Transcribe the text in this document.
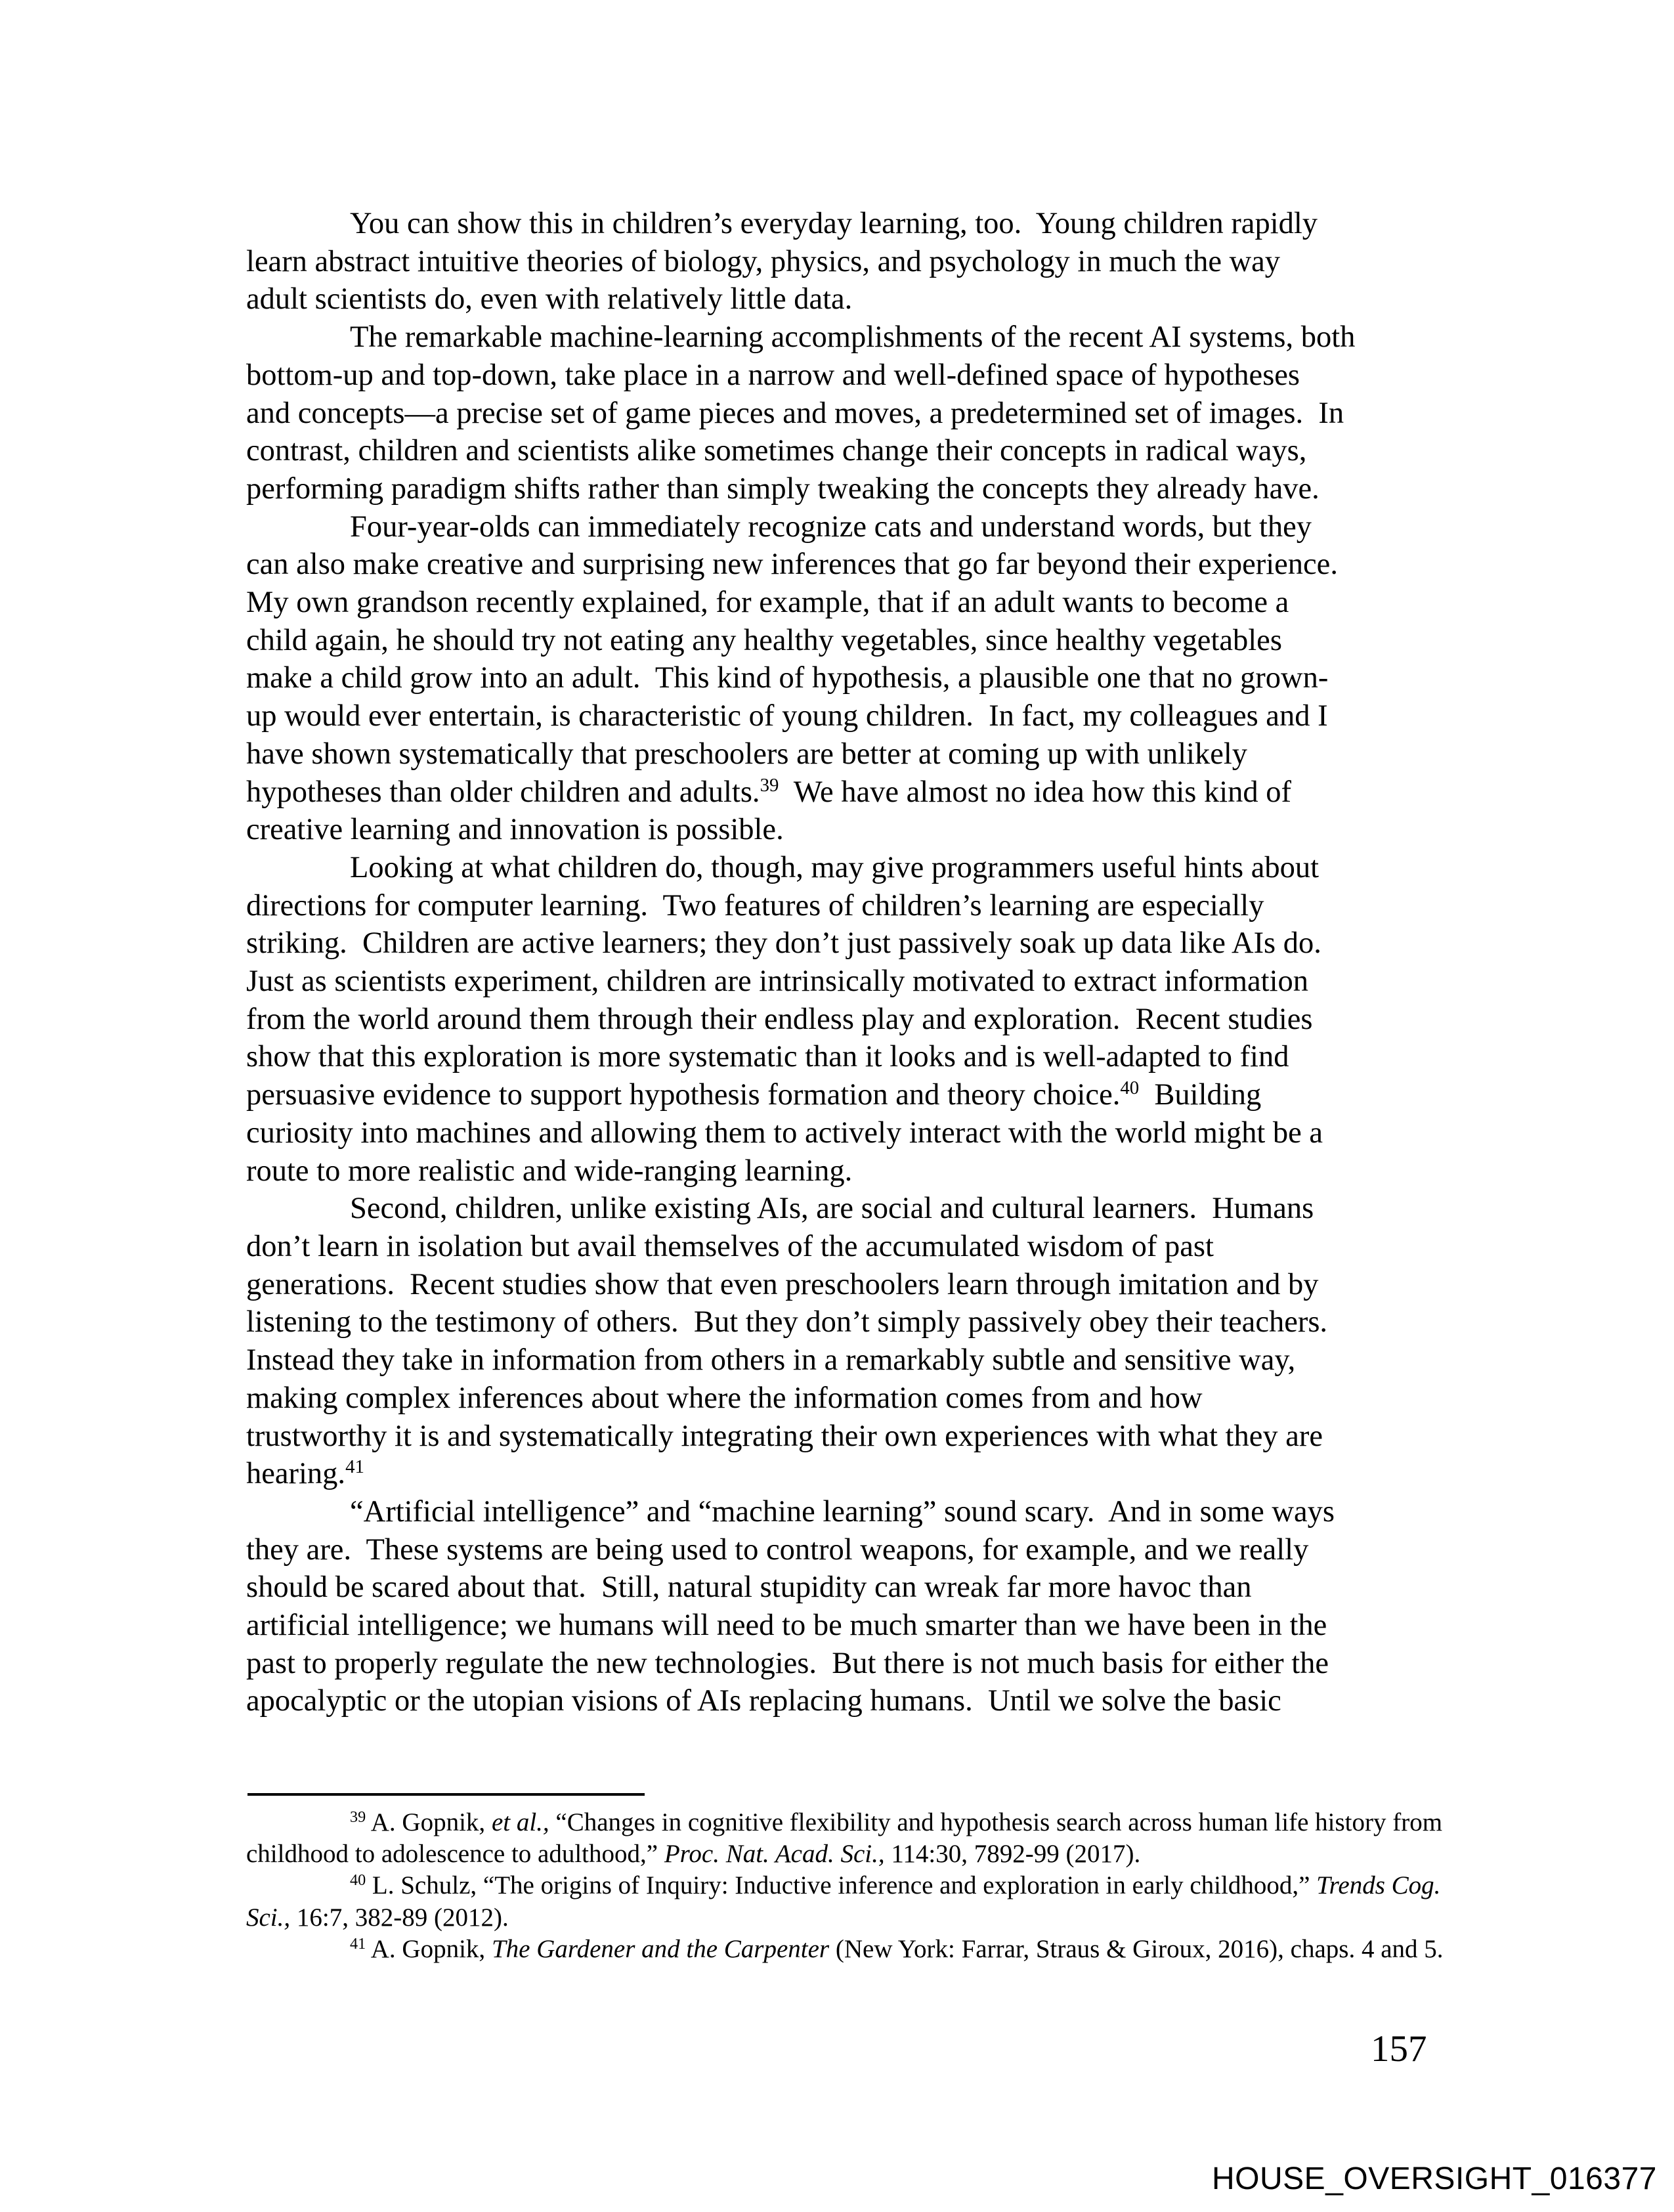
You can show this in children’s everyday learning, too.  Young children rapidly
learn abstract intuitive theories of biology, physics, and psychology in much the way
adult scientists do, even with relatively little data.
The remarkable machine-learning accomplishments of the recent AI systems, both
bottom-up and top-down, take place in a narrow and well-defined space of hypotheses
and concepts—a precise set of game pieces and moves, a predetermined set of images.  In
contrast, children and scientists alike sometimes change their concepts in radical ways,
performing paradigm shifts rather than simply tweaking the concepts they already have.
Four-year-olds can immediately recognize cats and understand words, but they
can also make creative and surprising new inferences that go far beyond their experience.
My own grandson recently explained, for example, that if an adult wants to become a
child again, he should try not eating any healthy vegetables, since healthy vegetables
make a child grow into an adult.  This kind of hypothesis, a plausible one that no grown-
up would ever entertain, is characteristic of young children.  In fact, my colleagues and I
have shown systematically that preschoolers are better at coming up with unlikely
hypotheses than older children and adults.$^{39}$  We have almost no idea how this kind of
creative learning and innovation is possible.
Looking at what children do, though, may give programmers useful hints about
directions for computer learning.  Two features of children’s learning are especially
striking.  Children are active learners; they don’t just passively soak up data like AIs do.
Just as scientists experiment, children are intrinsically motivated to extract information
from the world around them through their endless play and exploration.  Recent studies
show that this exploration is more systematic than it looks and is well-adapted to find
persuasive evidence to support hypothesis formation and theory choice.$^{40}$  Building
curiosity into machines and allowing them to actively interact with the world might be a
route to more realistic and wide-ranging learning.
Second, children, unlike existing AIs, are social and cultural learners.  Humans
don’t learn in isolation but avail themselves of the accumulated wisdom of past
generations.  Recent studies show that even preschoolers learn through imitation and by
listening to the testimony of others.  But they don’t simply passively obey their teachers.
Instead they take in information from others in a remarkably subtle and sensitive way,
making complex inferences about where the information comes from and how
trustworthy it is and systematically integrating their own experiences with what they are
hearing.$^{41}$
“Artificial intelligence” and “machine learning” sound scary.  And in some ways
they are.  These systems are being used to control weapons, for example, and we really
should be scared about that.  Still, natural stupidity can wreak far more havoc than
artificial intelligence; we humans will need to be much smarter than we have been in the
past to properly regulate the new technologies.  But there is not much basis for either the
apocalyptic or the utopian visions of AIs replacing humans.  Until we solve the basic
$^{39}$ A. Gopnik, et al., “Changes in cognitive flexibility and hypothesis search across human life history from
childhood to adolescence to adulthood,” Proc. Nat. Acad. Sci., 114:30, 7892-99 (2017).
$^{40}$ L. Schulz, “The origins of Inquiry: Inductive inference and exploration in early childhood,” Trends Cog.
Sci., 16:7, 382-89 (2012).
$^{41}$ A. Gopnik, The Gardener and the Carpenter (New York: Farrar, Straus & Giroux, 2016), chaps. 4 and 5.
157
HOUSE_OVERSIGHT_016377
